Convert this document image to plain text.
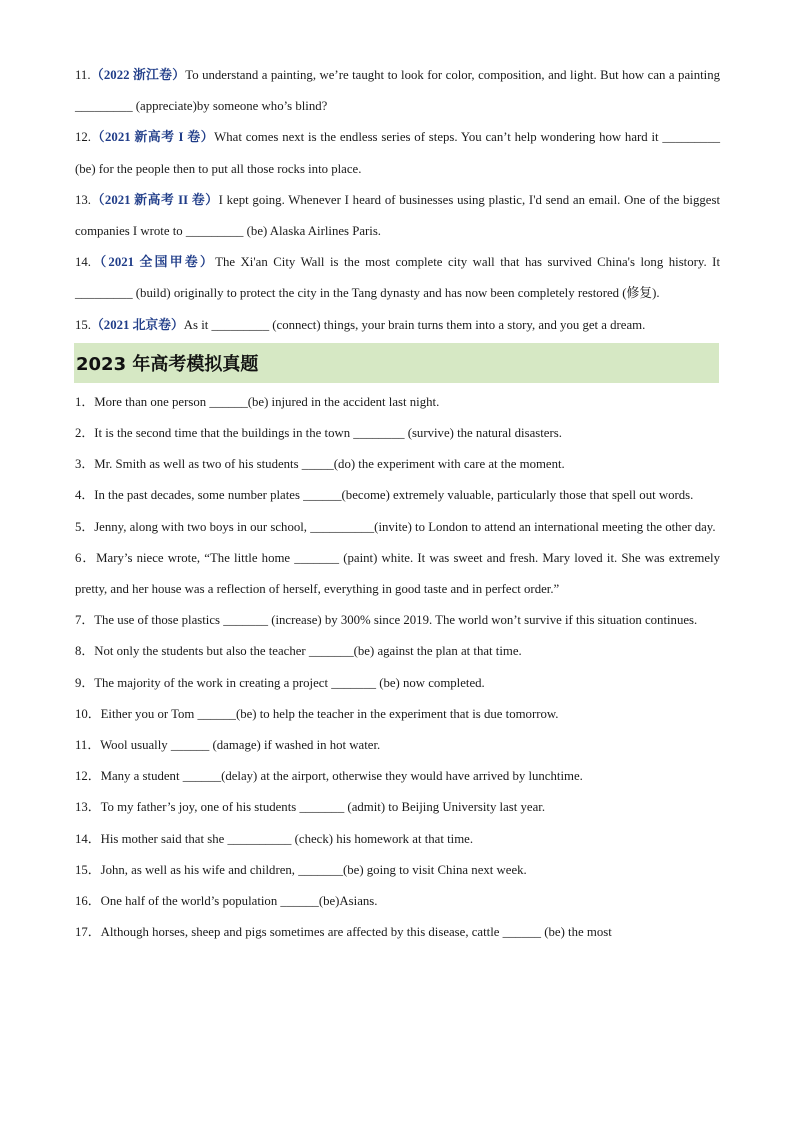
11.（2022 浙江卷）To understand a painting, we’re taught to look for color, composition, and light. But how can a painting _________ (appreciate)by someone who’s blind?

12.（2021 新高考 I 卷）What comes next is the endless series of steps. You can’t help wondering how hard it _________ (be) for the people then to put all those rocks into place.

13.（2021 新高考 II 卷）I kept going. Whenever I heard of businesses using plastic, I'd send an email. One of the biggest companies I wrote to _________ (be) Alaska Airlines Paris.

14.（2021 全国甲卷）The Xi'an City Wall is the most complete city wall that has survived China's long history. It _________ (build) originally to protect the city in the Tang dynasty and has now been completely restored (修复).

15.（2021 北京卷）As it _________ (connect) things, your brain turns them into a story, and you get a dream.

2023 年高考模拟真题

1．More than one person ______(be) injured in the accident last night.

2．It is the second time that the buildings in the town ________ (survive) the natural disasters.

3．Mr. Smith as well as two of his students _____(do) the experiment with care at the moment.

4．In the past decades, some number plates ______(become) extremely valuable, particularly those that spell out words.

5．Jenny, along with two boys in our school, __________(invite) to London to attend an international meeting the other day.

6．Mary’s niece wrote, “The little home _______ (paint) white. It was sweet and fresh. Mary loved it. She was extremely pretty, and her house was a reflection of herself, everything in good taste and in perfect order.”

7．The use of those plastics _______ (increase) by 300% since 2019. The world won’t survive if this situation continues.

8．Not only the students but also the teacher _______(be) against the plan at that time.

9．The majority of the work in creating a project _______ (be) now completed.

10．Either you or Tom ______(be) to help the teacher in the experiment that is due tomorrow.

11．Wool usually ______ (damage) if washed in hot water.

12．Many a student ______(delay) at the airport, otherwise they would have arrived by lunchtime.

13．To my father’s joy, one of his students _______ (admit) to Beijing University last year.

14．His mother said that she __________ (check) his homework at that time.

15．John, as well as his wife and children, _______(be) going to visit China next week.

16．One half of the world’s population ______(be)Asians.

17．Although horses, sheep and pigs sometimes are affected by this disease, cattle ______ (be) the most
